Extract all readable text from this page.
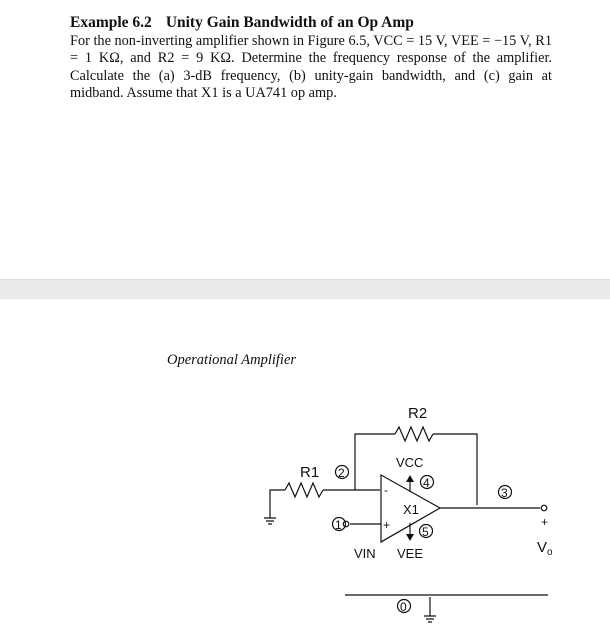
Example 6.2 Unity Gain Bandwidth of an Op Amp
For the non-inverting amplifier shown in Figure 6.5, VCC = 15 V, VEE = −15 V, R1 = 1 KΩ, and R2 = 9 KΩ. Determine the frequency response of the amplifier. Calculate the (a) 3-dB frequency, (b) unity-gain bandwidth, and (c) gain at midband. Assume that X1 is a UA741 op amp.
Operational Amplifier
R2
R1
VCC
X1
VEE
VIN	$V_o$
-
+	+
2
4
3
1	5
0
